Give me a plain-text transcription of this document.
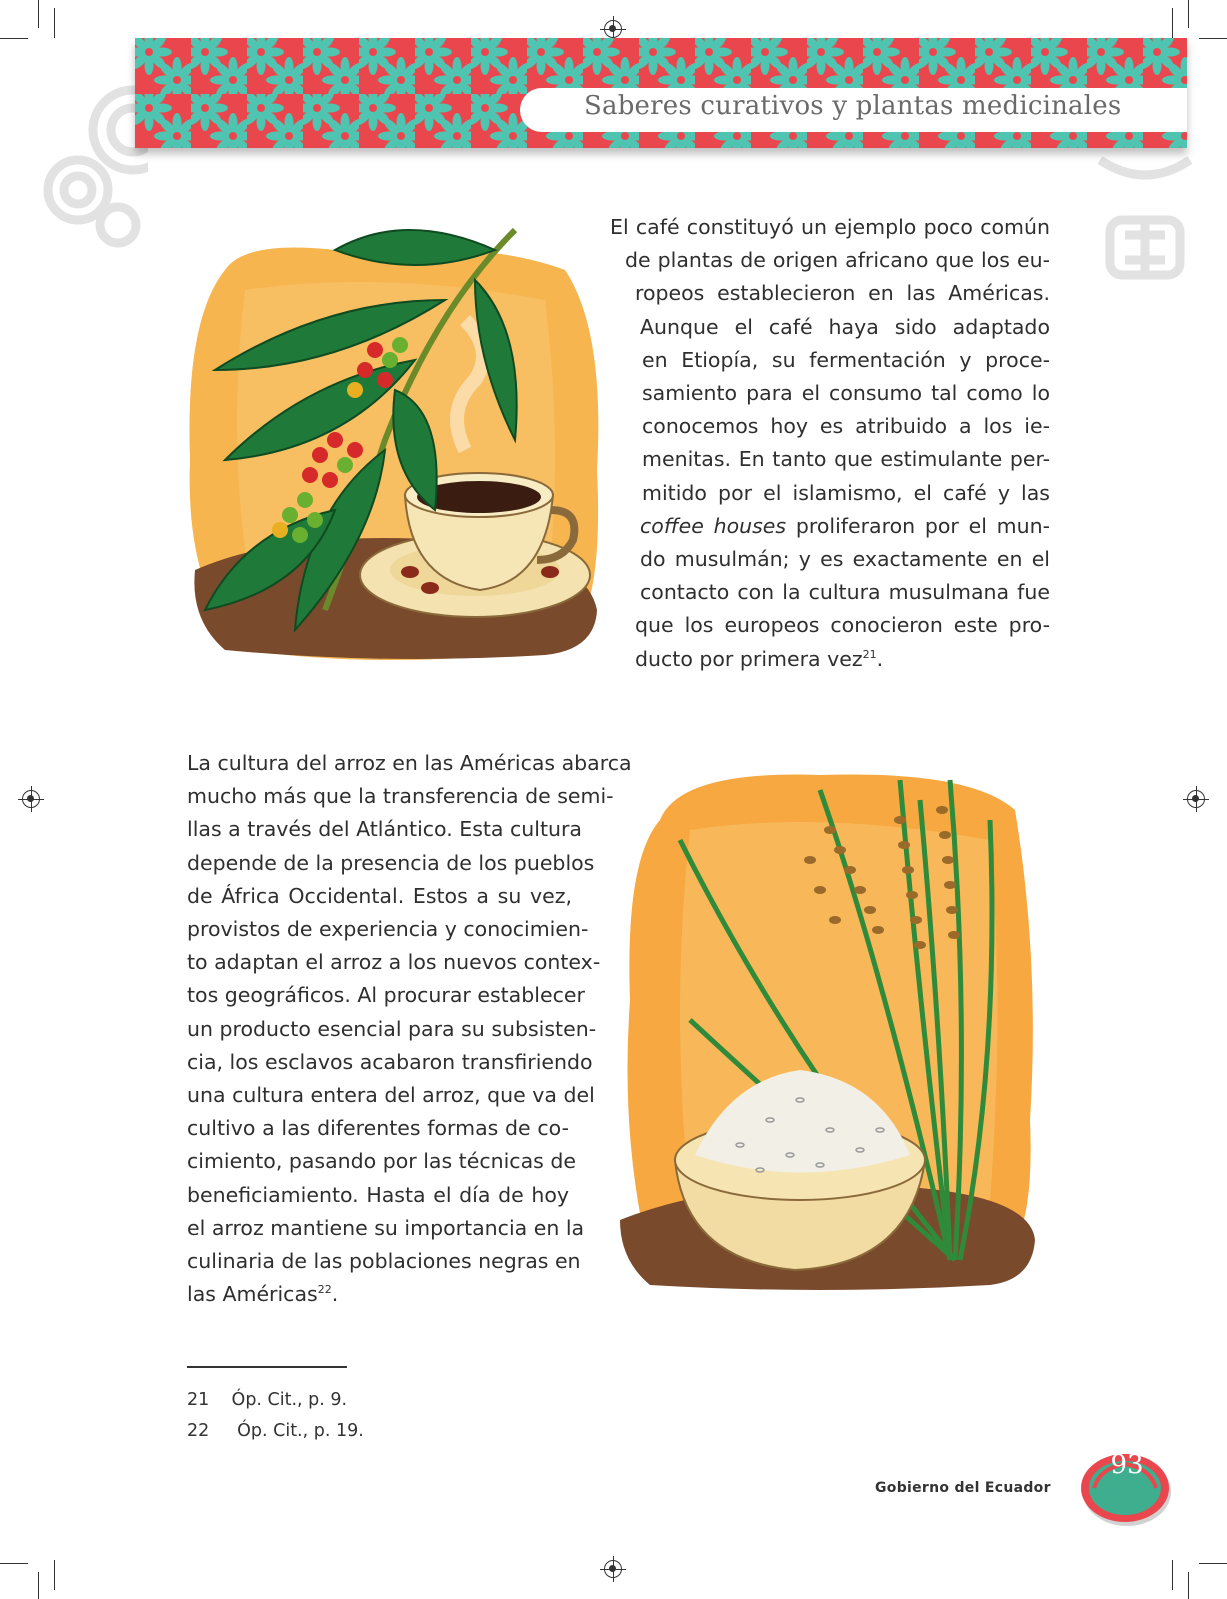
Saberes curativos y plantas medicinales
El café constituyó un ejemplo poco común
de plantas de origen africano que los eu-
ropeos establecieron en las Américas.
Aunque el café haya sido adaptado
en Etiopía, su fermentación y proce-
samiento para el consumo tal como lo
conocemos hoy es atribuido a los ie-
menitas. En tanto que estimulante per-
mitido por el islamismo, el café y las
coffee houses proliferaron por el mun-
do musulmán; y es exactamente en el
contacto con la cultura musulmana fue
que los europeos conocieron este pro-
ducto por primera vez$^{21}$.
La cultura del arroz en las Américas abarca
mucho más que la transferencia de semi-
llas a través del Atlántico. Esta cultura
depende de la presencia de los pueblos
de África Occidental. Estos a su vez,
provistos de experiencia y conocimien-
to adaptan el arroz a los nuevos contex-
tos geográficos. Al procurar establecer
un producto esencial para su subsisten-
cia, los esclavos acabaron transfiriendo
una cultura entera del arroz, que va del
cultivo a las diferentes formas de co-
cimiento, pasando por las técnicas de
beneficiamiento. Hasta el día de hoy
el arroz mantiene su importancia en la
culinaria de las poblaciones negras en
las Américas$^{22}$.
21 Óp. Cit., p. 9.
22 Óp. Cit., p. 19.
Gobierno del Ecuador
93
